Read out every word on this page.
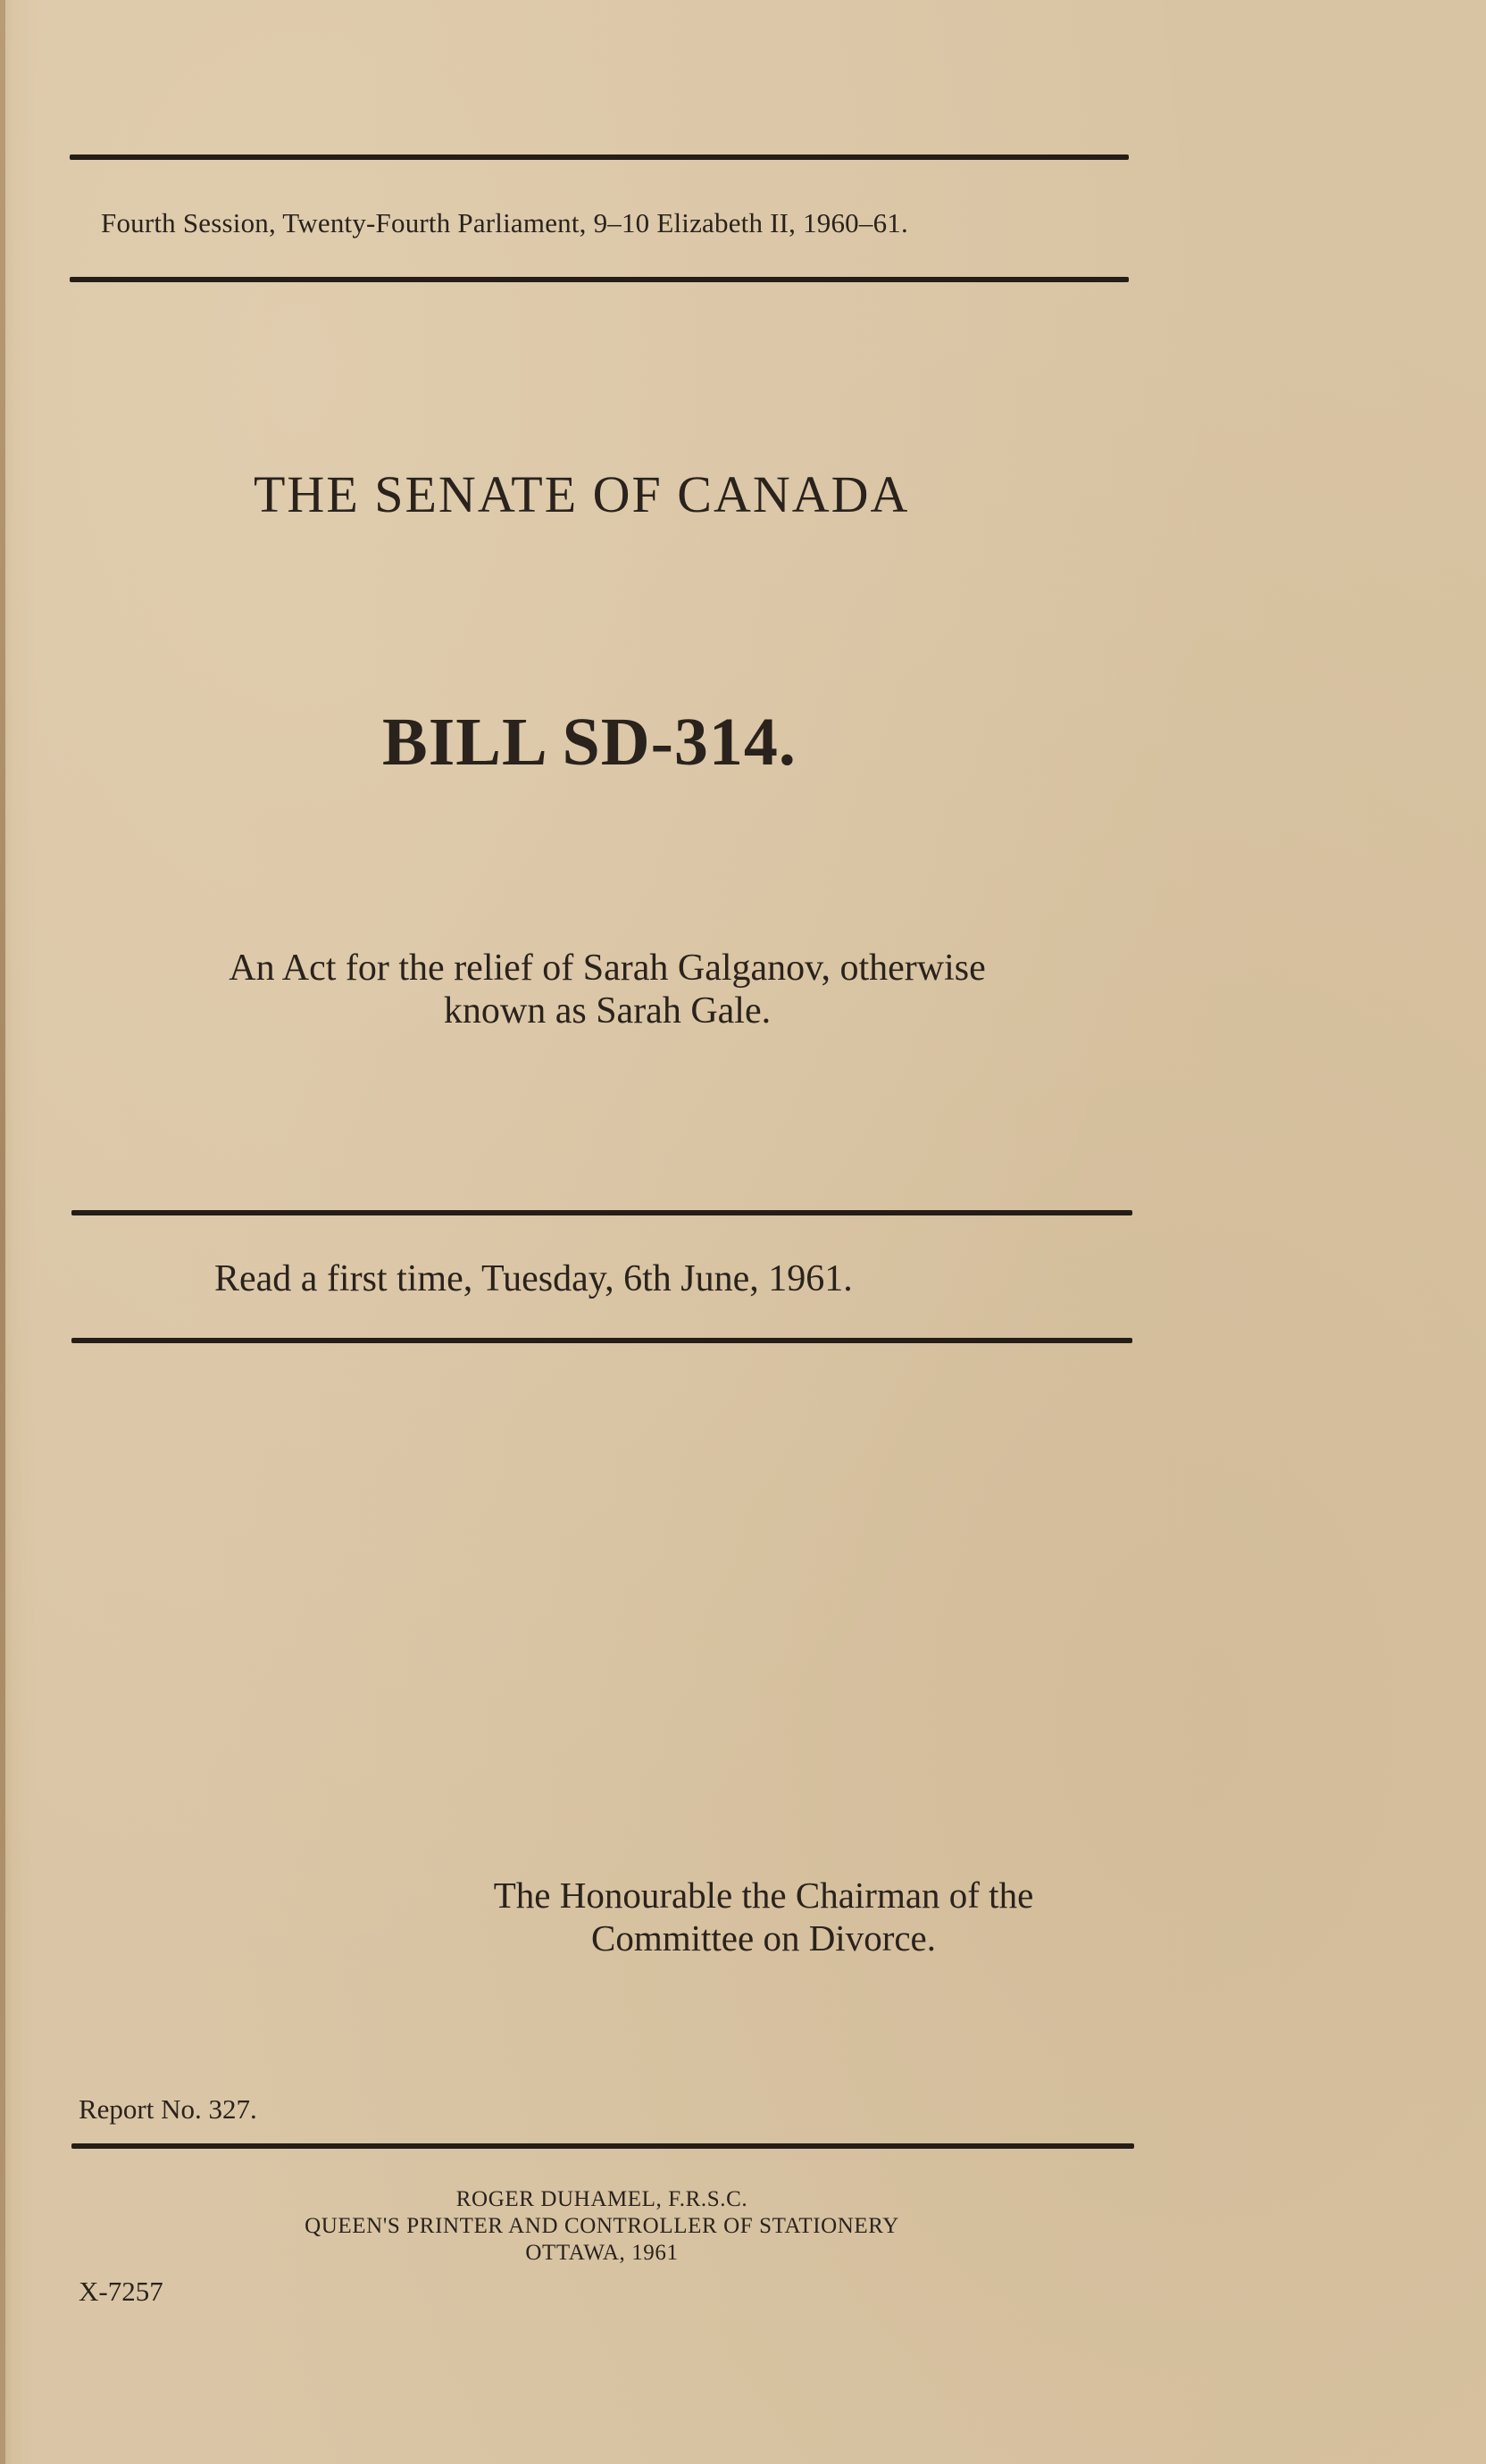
Fourth Session, Twenty-Fourth Parliament, 9–10 Elizabeth II, 1960–61.
THE SENATE OF CANADA
BILL SD-314.
An Act for the relief of Sarah Galganov, otherwise
known as Sarah Gale.
Read a first time, Tuesday, 6th June, 1961.
The Honourable the Chairman of the
Committee on Divorce.
Report No. 327.
ROGER DUHAMEL, F.R.S.C.
QUEEN'S PRINTER AND CONTROLLER OF STATIONERY
OTTAWA, 1961
X-7257
